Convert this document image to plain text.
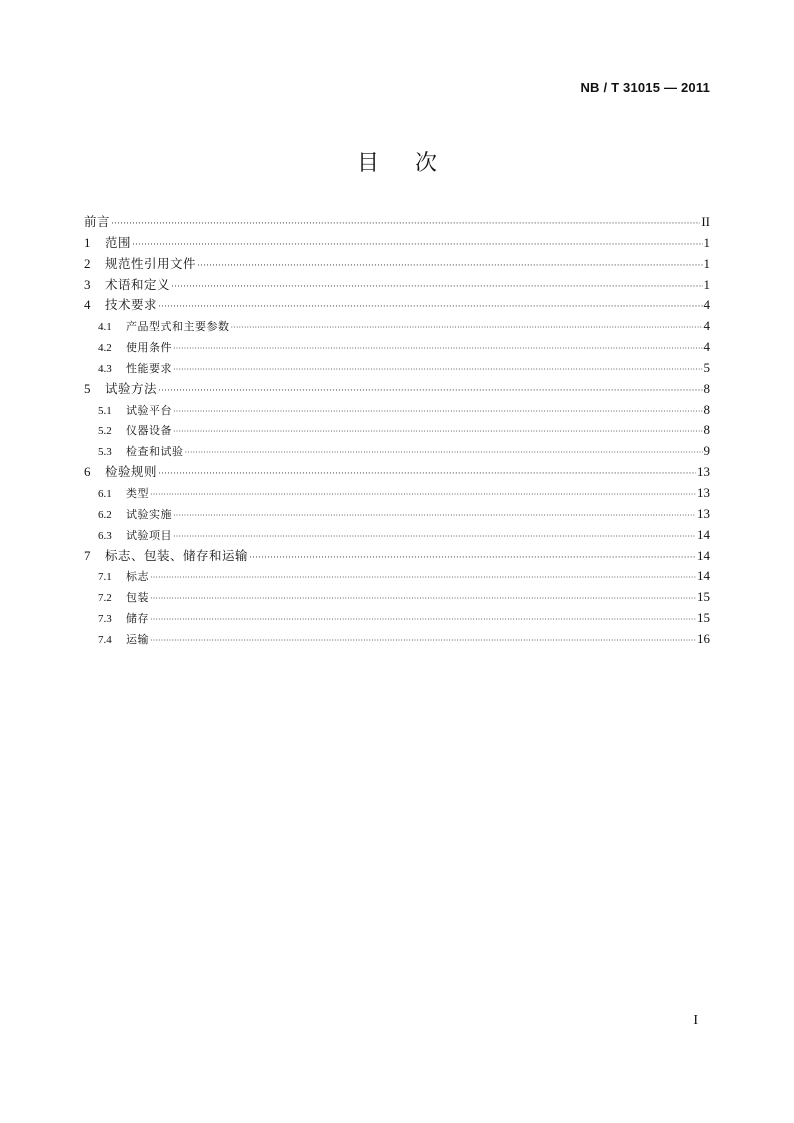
NB / T 31015 — 2011
目次
前言 ·····	II
1	范围 ·····	1
2	规范性引用文件 ·····	1
3	术语和定义 ·····	1
4	技术要求 ·····	4
4.1	产品型式和主要参数 ·····	4
4.2	使用条件 ·····	4
4.3	性能要求 ·····	5
5	试验方法 ·····	8
5.1	试验平台 ·····	8
5.2	仪器设备 ·····	8
5.3	检查和试验 ·····	9
6	检验规则 ·····	13
6.1	类型 ·····	13
6.2	试验实施 ·····	13
6.3	试验项目 ·····	14
7	标志、包装、储存和运输 ·····	14
7.1	标志 ·····	14
7.2	包装 ·····	15
7.3	储存 ·····	15
7.4	运输 ·····	16
I
